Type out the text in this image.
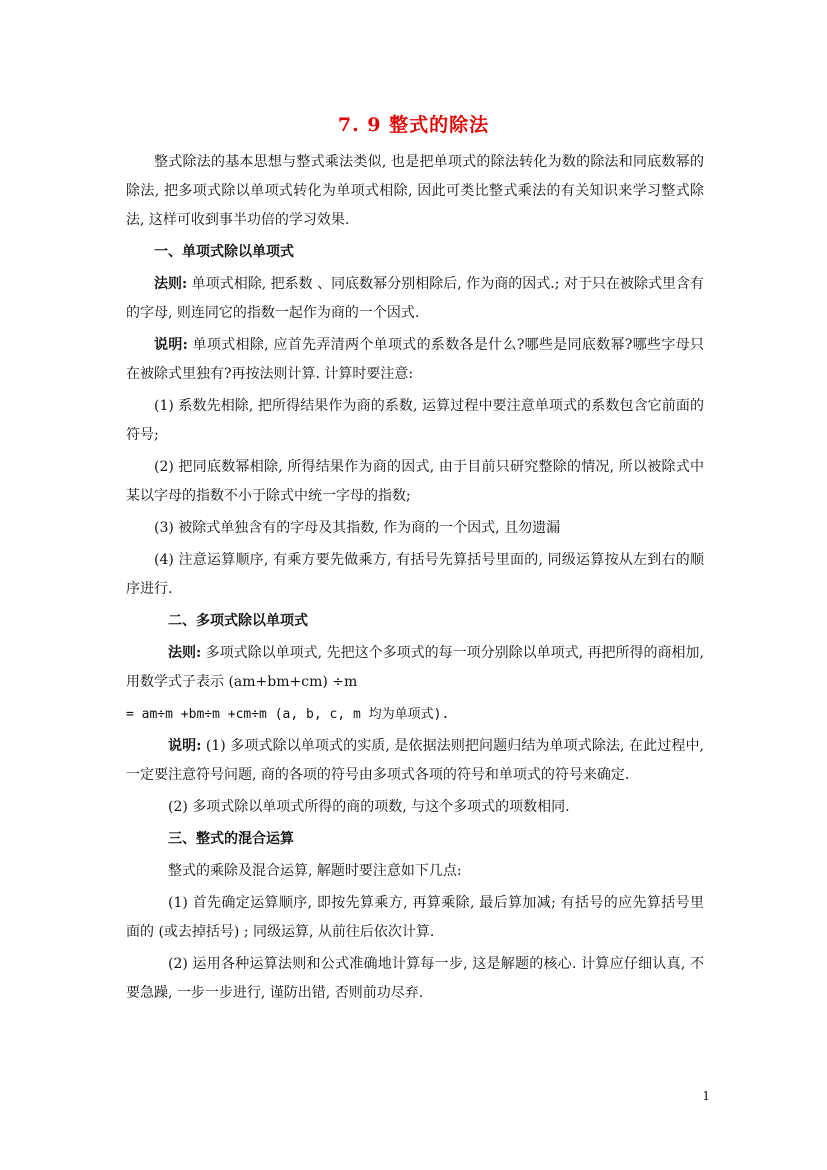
7. 9 整式的除法

整式除法的基本思想与整式乘法类似, 也是把单项式的除法转化为数的除法和同底数幂的除法, 把多项式除以单项式转化为单项式相除, 因此可类比整式乘法的有关知识来学习整式除法, 这样可收到事半功倍的学习效果.

一、单项式除以单项式

法则: 单项式相除, 把系数 、同底数幂分别相除后, 作为商的因式.; 对于只在被除式里含有的字母, 则连同它的指数一起作为商的一个因式.

说明: 单项式相除, 应首先弄清两个单项式的系数各是什么?哪些是同底数幂?哪些字母只在被除式里独有?再按法则计算. 计算时要注意:

(1) 系数先相除, 把所得结果作为商的系数, 运算过程中要注意单项式的系数包含它前面的符号;

(2) 把同底数幂相除, 所得结果作为商的因式, 由于目前只研究整除的情况, 所以被除式中某以字母的指数不小于除式中统一字母的指数;

(3) 被除式单独含有的字母及其指数, 作为商的一个因式, 且勿遗漏

(4) 注意运算顺序, 有乘方要先做乘方, 有括号先算括号里面的, 同级运算按从左到右的顺序进行.

二、多项式除以单项式

法则: 多项式除以单项式, 先把这个多项式的每一项分别除以单项式, 再把所得的商相加, 用数学式子表示 (am+bm+cm) ÷m

= am÷m +bm÷m +cm÷m (a, b, c, m 均为单项式).

说明: (1) 多项式除以单项式的实质, 是依据法则把问题归结为单项式除法, 在此过程中, 一定要注意符号问题, 商的各项的符号由多项式各项的符号和单项式的符号来确定.

(2) 多项式除以单项式所得的商的项数, 与这个多项式的项数相同.

三、整式的混合运算

整式的乘除及混合运算, 解题时要注意如下几点:

(1) 首先确定运算顺序, 即按先算乘方, 再算乘除, 最后算加减; 有括号的应先算括号里面的 (或去掉括号) ; 同级运算, 从前往后依次计算.

(2) 运用各种运算法则和公式准确地计算每一步, 这是解题的核心. 计算应仔细认真, 不要急躁, 一步一步进行, 谨防出错, 否则前功尽弃.

1
